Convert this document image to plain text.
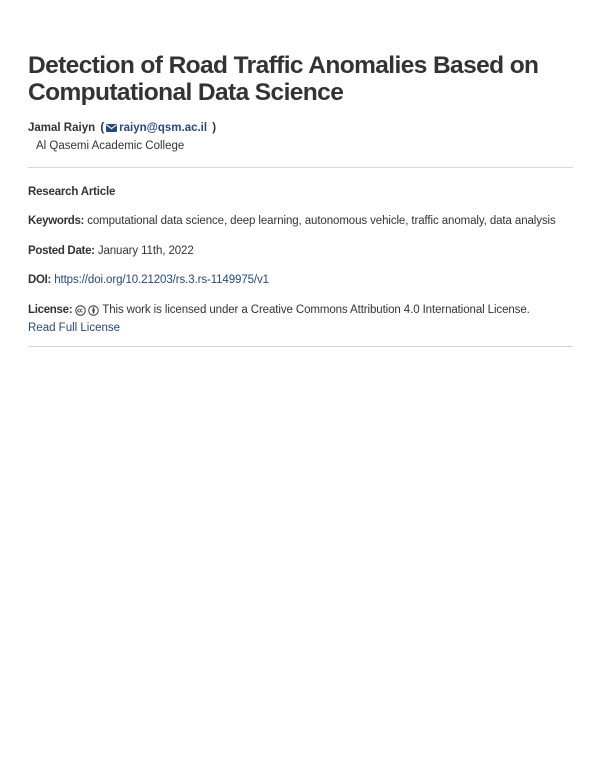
Detection of Road Traffic Anomalies Based on Computational Data Science
Jamal Raiyn ( raiyn@qsm.ac.il )
Al Qasemi Academic College
Research Article
Keywords: computational data science, deep learning, autonomous vehicle, traffic anomaly, data analysis
Posted Date: January 11th, 2022
DOI: https://doi.org/10.21203/rs.3.rs-1149975/v1
License:	This work is licensed under a Creative Commons Attribution 4.0 International License.
Read Full License
